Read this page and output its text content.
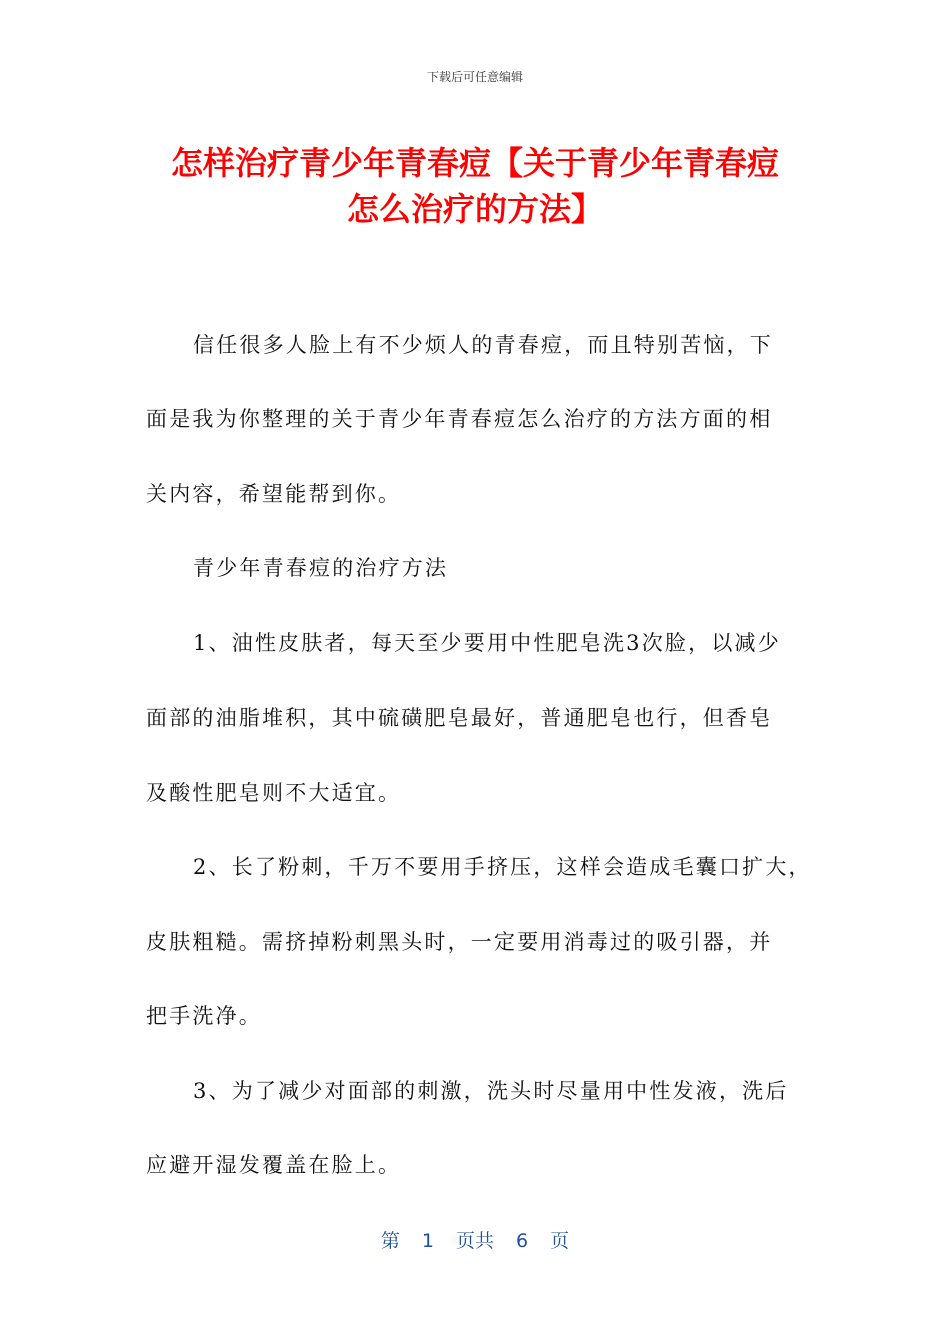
下载后可任意编辑
怎样治疗青少年青春痘【关于青少年青春痘
怎么治疗的方法】
信任很多人脸上有不少烦人的青春痘，而且特别苦恼，下
面是我为你整理的关于青少年青春痘怎么治疗的方法方面的相
关内容，希望能帮到你。
青少年青春痘的治疗方法
1、油性皮肤者，每天至少要用中性肥皂洗3次脸，以减少
面部的油脂堆积，其中硫磺肥皂最好，普通肥皂也行，但香皂
及酸性肥皂则不大适宜。
2、长了粉刺，千万不要用手挤压，这样会造成毛囊口扩大，
皮肤粗糙。需挤掉粉刺黑头时，一定要用消毒过的吸引器，并
把手洗净。
3、为了减少对面部的刺激，洗头时尽量用中性发液，洗后
应避开湿发覆盖在脸上。
第 1 页共 6 页
